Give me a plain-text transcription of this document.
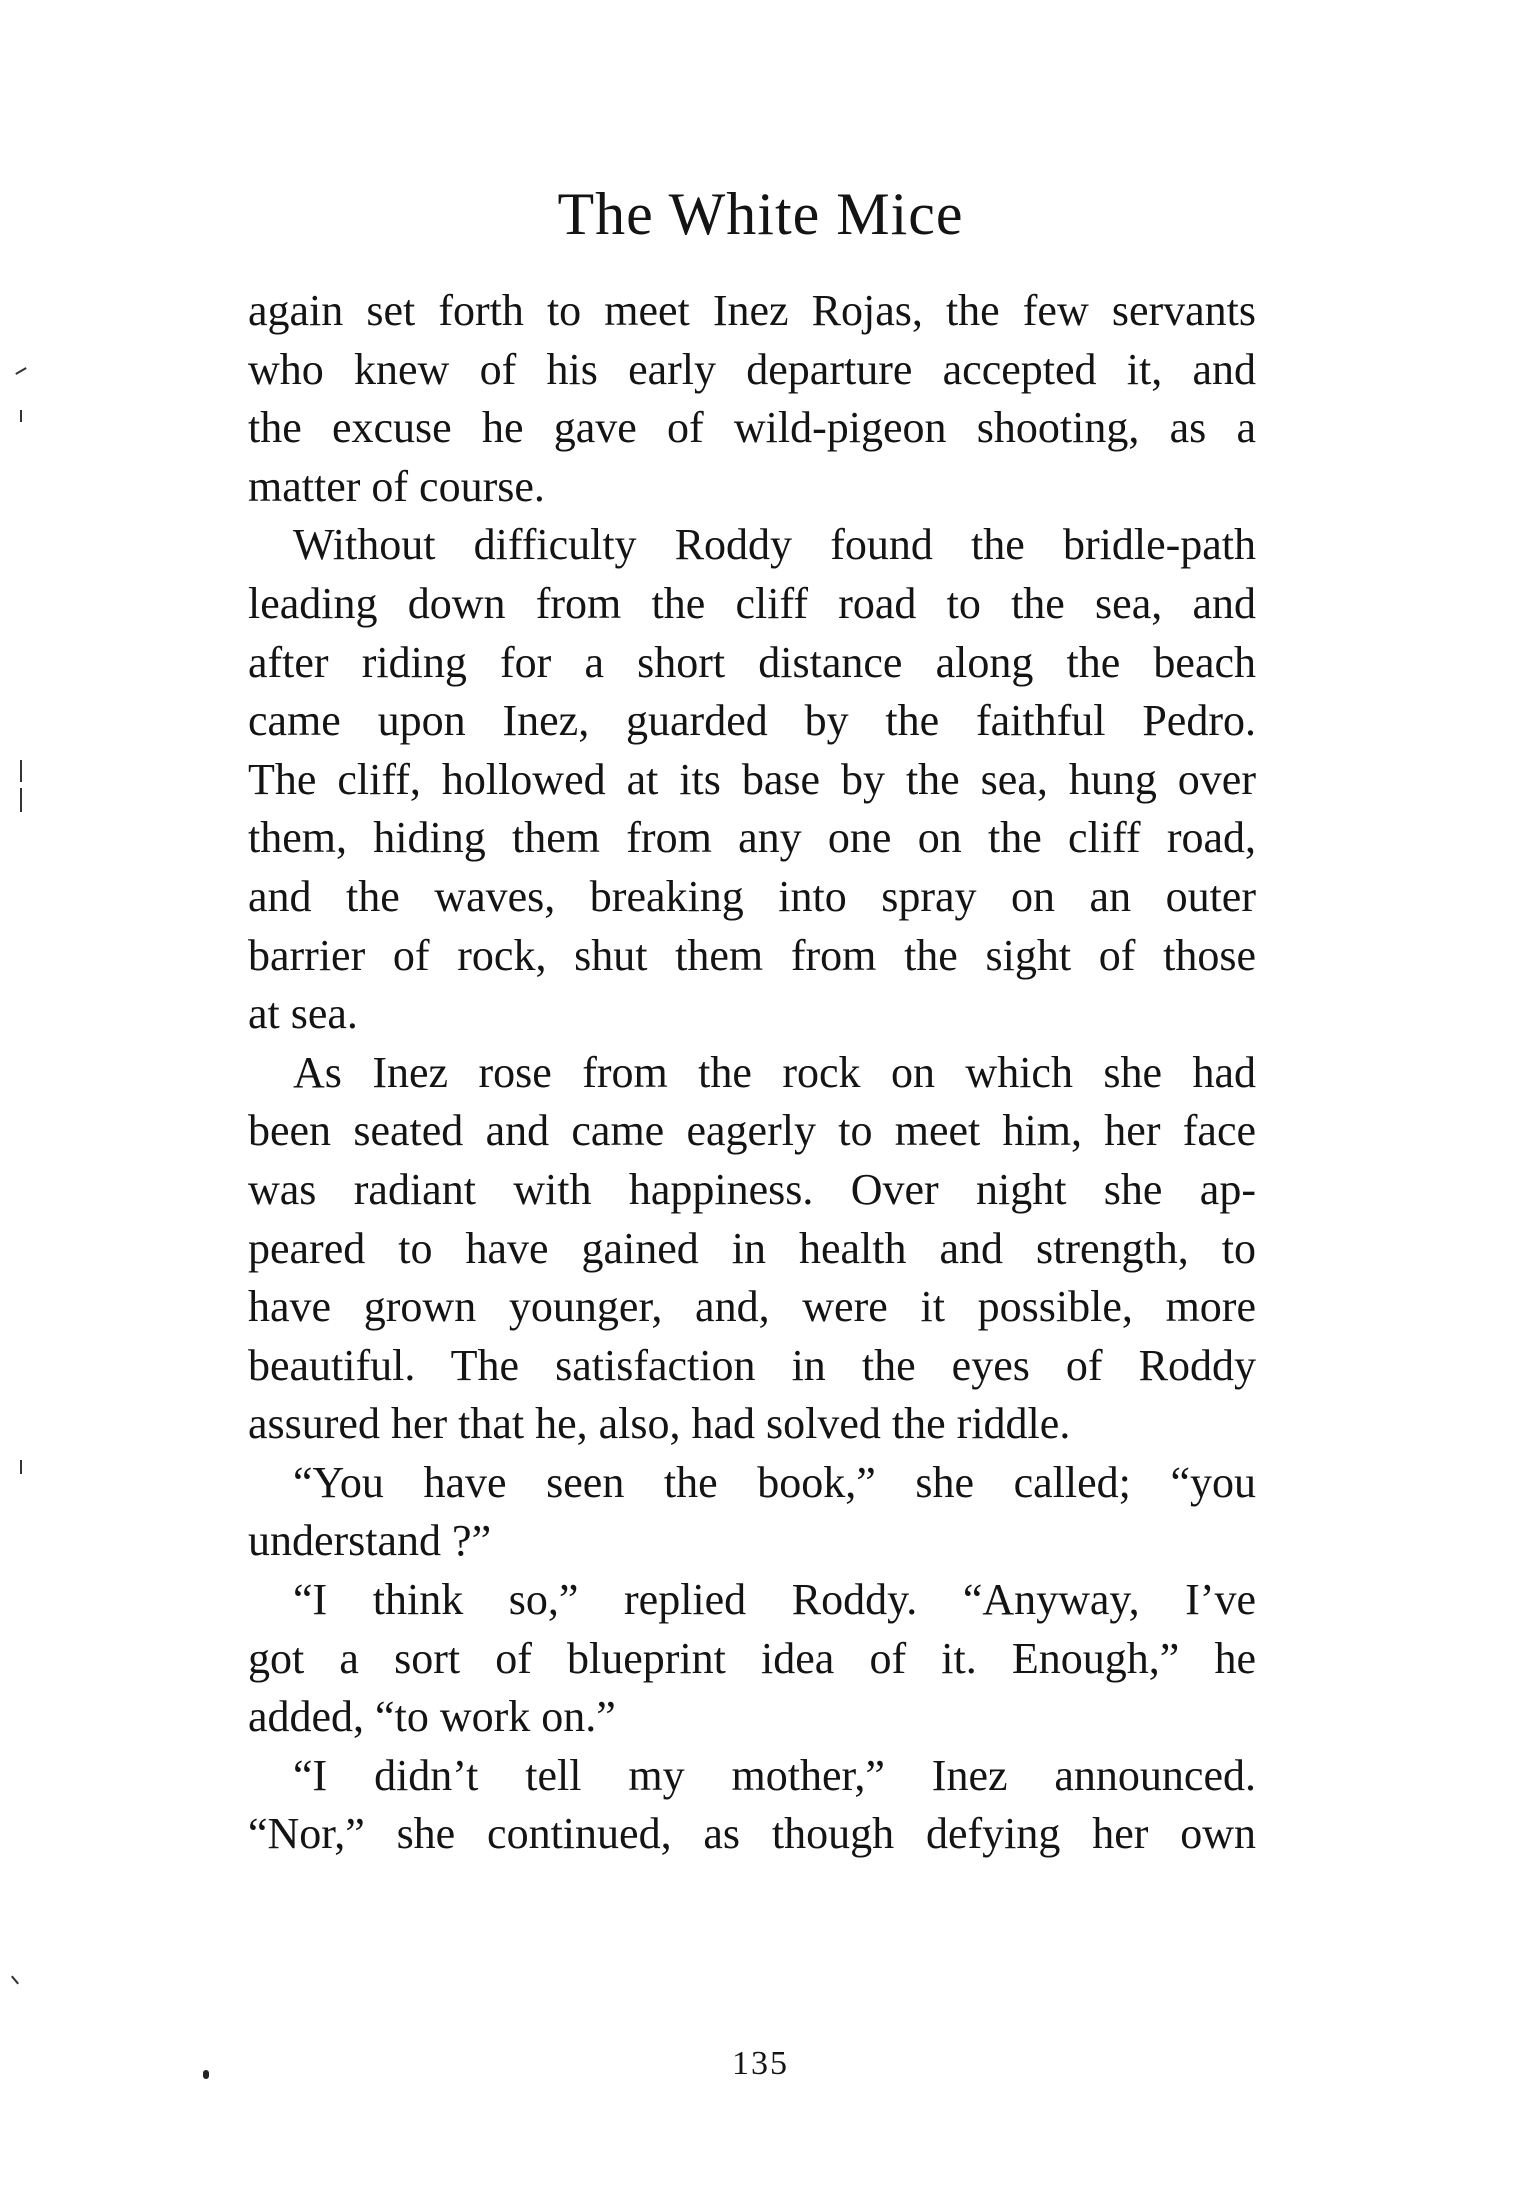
The White Mice

again set forth to meet Inez Rojas, the few servants
who knew of his early departure accepted it, and
the excuse he gave of wild-pigeon shooting, as a
matter of course.

Without difficulty Roddy found the bridle-path
leading down from the cliff road to the sea, and
after riding for a short distance along the beach
came upon Inez, guarded by the faithful Pedro.
The cliff, hollowed at its base by the sea, hung over
them, hiding them from any one on the cliff road,
and the waves, breaking into spray on an outer
barrier of rock, shut them from the sight of those
at sea.

As Inez rose from the rock on which she had
been seated and came eagerly to meet him, her face
was radiant with happiness. Over night she ap-
peared to have gained in health and strength, to
have grown younger, and, were it possible, more
beautiful. The satisfaction in the eyes of Roddy
assured her that he, also, had solved the riddle.

“You have seen the book,” she called; “you
understand ?”

“I think so,” replied Roddy. “Anyway, I’ve
got a sort of blueprint idea of it. Enough,” he
added, “to work on.”

“I didn’t tell my mother,” Inez announced.
“Nor,” she continued, as though defying her own

135
